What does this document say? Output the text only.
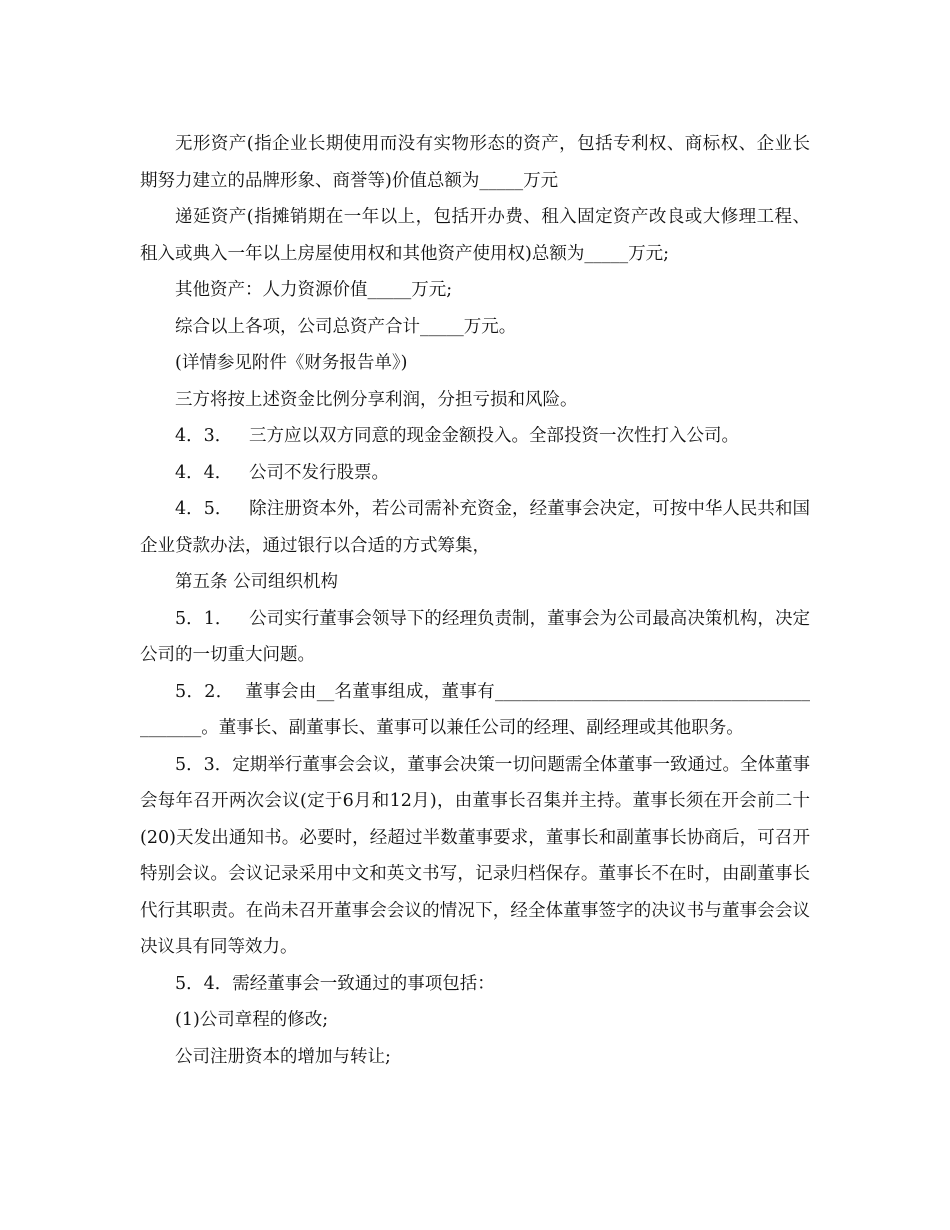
无形资产(指企业长期使用而没有实物形态的资产，包括专利权、商标权、企业长期努力建立的品牌形象、商誉等)价值总额为_____万元

递延资产(指摊销期在一年以上，包括开办费、租入固定资产改良或大修理工程、租入或典入一年以上房屋使用权和其他资产使用权)总额为_____万元;

其他资产：人力资源价值_____万元;

综合以上各项，公司总资产合计_____万元。

(详情参见附件《财务报告单》)

三方将按上述资金比例分享利润，分担亏损和风险。

4．3．   三方应以双方同意的现金金额投入。全部投资一次性打入公司。

4．4．   公司不发行股票。

4．5．   除注册资本外，若公司需补充资金，经董事会决定，可按中华人民共和国企业贷款办法，通过银行以合适的方式筹集，

第五条 公司组织机构

5．1．   公司实行董事会领导下的经理负责制，董事会为公司最高决策机构，决定公司的一切重大问题。

5．2．  董事会由__名董事组成，董事有___________________________________________。董事长、副董事长、董事可以兼任公司的经理、副经理或其他职务。

5．3．定期举行董事会会议，董事会决策一切问题需全体董事一致通过。全体董事会每年召开两次会议(定于6月和12月)，由董事长召集并主持。董事长须在开会前二十(20)天发出通知书。必要时，经超过半数董事要求，董事长和副董事长协商后，可召开特别会议。会议记录采用中文和英文书写，记录归档保存。董事长不在时，由副董事长代行其职责。在尚未召开董事会会议的情况下，经全体董事签字的决议书与董事会会议决议具有同等效力。

5．4．需经董事会一致通过的事项包括：

(1)公司章程的修改;

公司注册资本的增加与转让;
